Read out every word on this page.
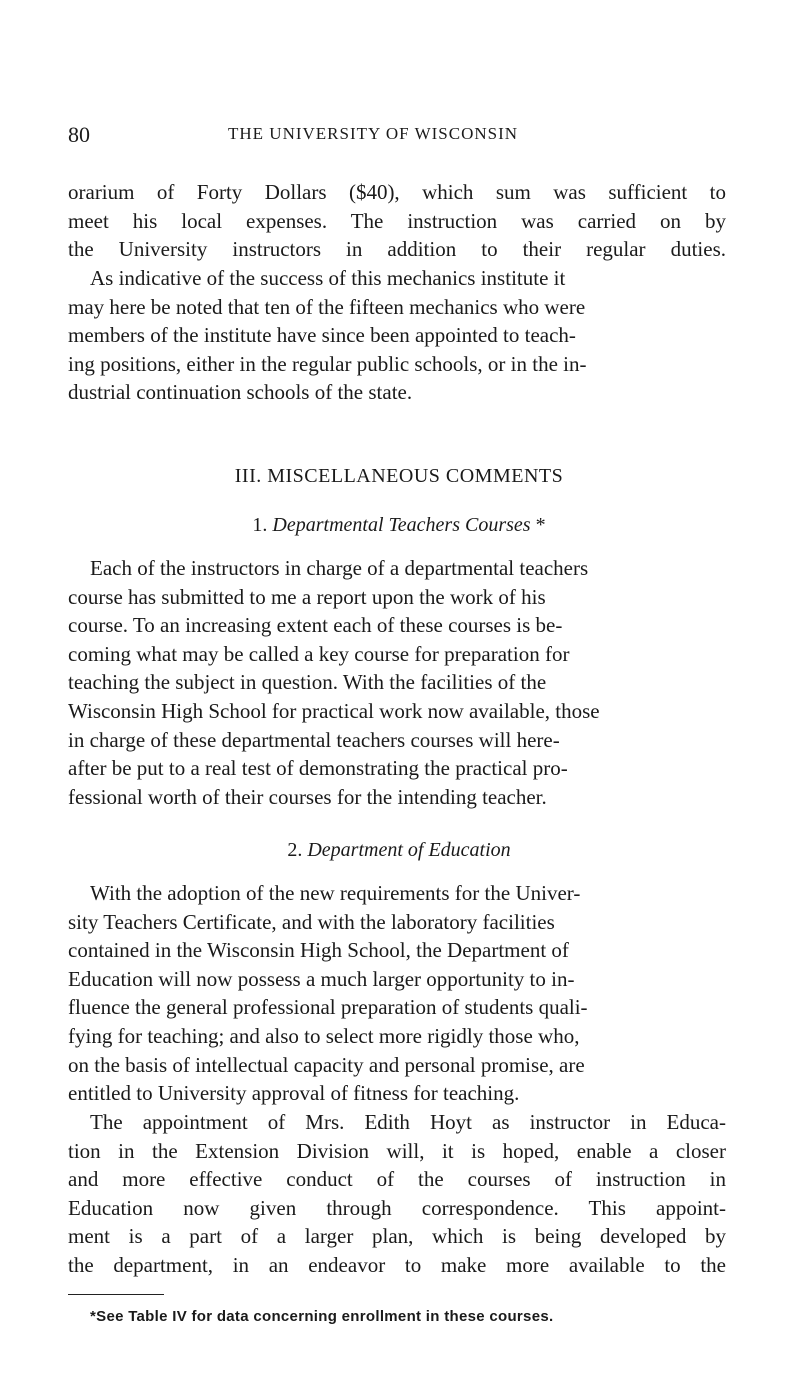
80	THE UNIVERSITY OF WISCONSIN

orarium of Forty Dollars ($40), which sum was sufficient to
meet his local expenses. The instruction was carried on by
the University instructors in addition to their regular duties.

As indicative of the success of this mechanics institute it
may here be noted that ten of the fifteen mechanics who were
members of the institute have since been appointed to teach-
ing positions, either in the regular public schools, or in the in-
dustrial continuation schools of the state.

III. MISCELLANEOUS COMMENTS
1. Departmental Teachers Courses *

Each of the instructors in charge of a departmental teachers
course has submitted to me a report upon the work of his
course. To an increasing extent each of these courses is be-
coming what may be called a key course for preparation for
teaching the subject in question. With the facilities of the
Wisconsin High School for practical work now available, those
in charge of these departmental teachers courses will here-
after be put to a real test of demonstrating the practical pro-
fessional worth of their courses for the intending teacher.

2. Department of Education

With the adoption of the new requirements for the Univer-
sity Teachers Certificate, and with the laboratory facilities
contained in the Wisconsin High School, the Department of
Education will now possess a much larger opportunity to in-
fluence the general professional preparation of students quali-
fying for teaching; and also to select more rigidly those who,
on the basis of intellectual capacity and personal promise, are
entitled to University approval of fitness for teaching.

The appointment of Mrs. Edith Hoyt as instructor in Educa-
tion in the Extension Division will, it is hoped, enable a closer
and more effective conduct of the courses of instruction in
Education now given through correspondence. This appoint-
ment is a part of a larger plan, which is being developed by
the department, in an endeavor to make more available to the

*See Table IV for data concerning enrollment in these courses.
